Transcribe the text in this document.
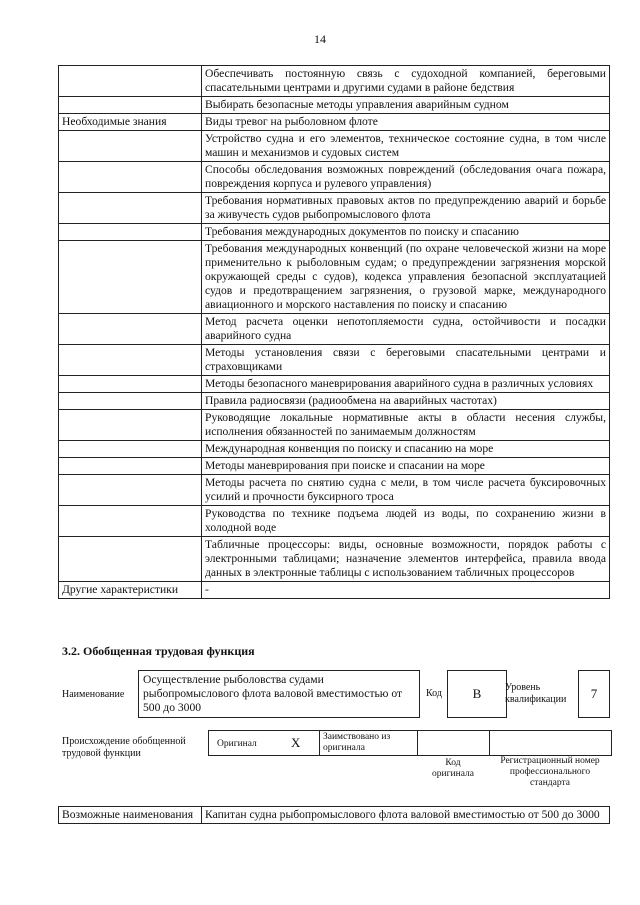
14
	Обеспечивать постоянную связь с судоходной компанией, береговыми спасательными центрами и другими судами в районе бедствия
	Выбирать безопасные методы управления аварийным судном
Необходимые знания	Виды тревог на рыболовном флоте
	Устройство судна и его элементов, техническое состояние судна, в том числе машин и механизмов и судовых систем
	Способы обследования возможных повреждений (обследования очага пожара, повреждения корпуса и рулевого управления)
	Требования нормативных правовых актов по предупреждению аварий и борьбе за живучесть судов рыбопромыслового флота
	Требования международных документов по поиску и спасанию
	Требования международных конвенций (по охране человеческой жизни на море применительно к рыболовным судам; о предупреждении загрязнения морской окружающей среды с судов), кодекса управления безопасной эксплуатацией судов и предотвращением загрязнения, о грузовой марке, международного авиационного и морского наставления по поиску и спасанию
	Метод расчета оценки непотопляемости судна, остойчивости и посадки аварийного судна
	Методы установления связи с береговыми спасательными центрами и страховщиками
	Методы безопасного маневрирования аварийного судна в различных условиях
	Правила радиосвязи (радиообмена на аварийных частотах)
	Руководящие локальные нормативные акты в области несения службы, исполнения обязанностей по занимаемым должностям
	Международная конвенция по поиску и спасанию на море
	Методы маневрирования при поиске и спасании на море
	Методы расчета по снятию судна с мели, в том числе расчета буксировочных усилий и прочности буксирного троса
	Руководства по технике подъема людей из воды, по сохранению жизни в холодной воде
	Табличные процессоры: виды, основные возможности, порядок работы с электронными таблицами; назначение элементов интерфейса, правила ввода данных в электронные таблицы с использованием табличных процессоров
Другие характеристики	-
3.2. Обобщенная трудовая функция
Наименование
Осуществление рыболовства судами рыбопромыслового флота валовой вместимостью от 500 до 3000
Код B Уровень квалификации	7
Происхождение обобщенной трудовой функции
Оригинал	Х Заимствовано из оригинала
Код оригинала
Регистрационный номер профессионального стандарта
Возможные наименования	Капитан судна рыбопромыслового флота валовой вместимостью от 500 до 3000
